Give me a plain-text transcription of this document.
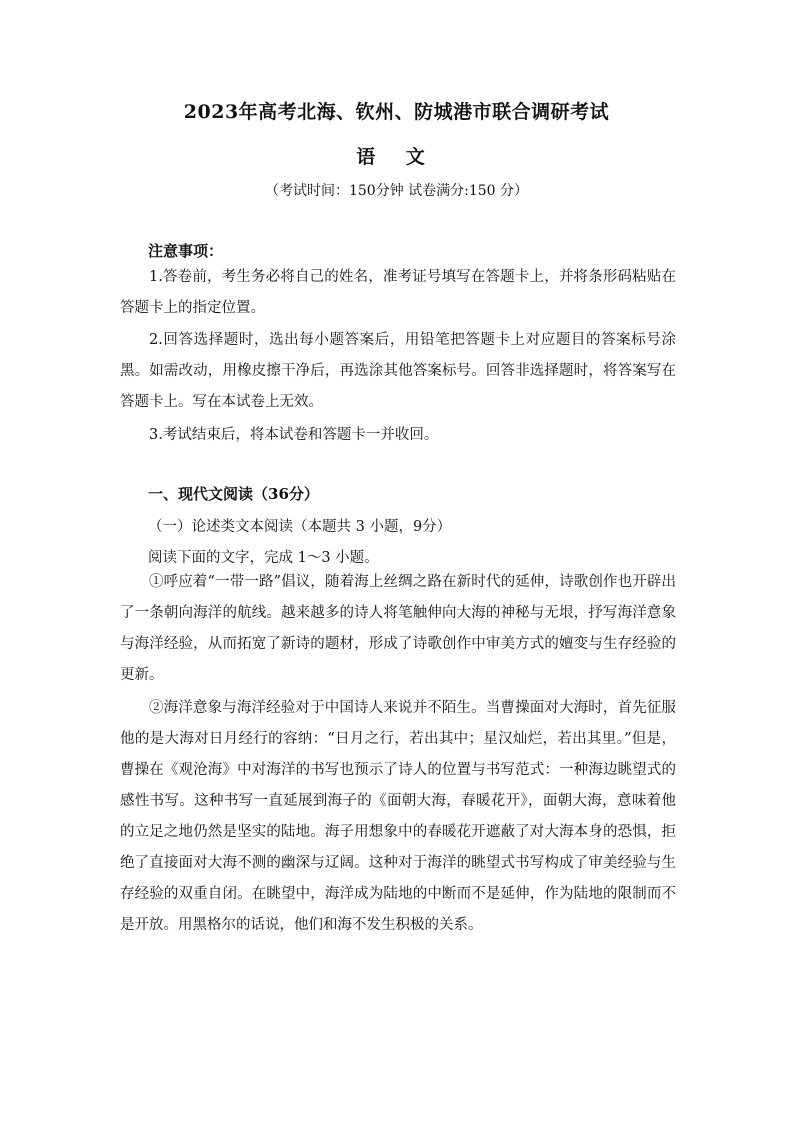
2023年高考北海、钦州、防城港市联合调研考试
语 文
（考试时间：150分钟 试卷满分:150 分）
注意事项：
1.答卷前，考生务必将自己的姓名，准考证号填写在答题卡上，并将条形码粘贴在答题卡上的指定位置。
2.回答选择题时，选出每小题答案后，用铅笔把答题卡上对应题目的答案标号涂黑。如需改动，用橡皮擦干净后，再选涂其他答案标号。回答非选择题时，将答案写在答题卡上。写在本试卷上无效。
3.考试结束后，将本试卷和答题卡一并收回。
一、现代文阅读（36分）
（一）论述类文本阅读（本题共 3 小题，9分）
阅读下面的文字，完成 1～3 小题。
①呼应着“一带一路”倡议，随着海上丝绸之路在新时代的延伸，诗歌创作也开辟出了一条朝向海洋的航线。越来越多的诗人将笔触伸向大海的神秘与无垠，抒写海洋意象与海洋经验，从而拓宽了新诗的题材，形成了诗歌创作中审美方式的嬗变与生存经验的更新。
②海洋意象与海洋经验对于中国诗人来说并不陌生。当曹操面对大海时，首先征服他的是大海对日月经行的容纳：“日月之行，若出其中；星汉灿烂，若出其里。”但是，曹操在《观沧海》中对海洋的书写也预示了诗人的位置与书写范式：一种海边眺望式的感性书写。这种书写一直延展到海子的《面朝大海，春暖花开》，面朝大海，意味着他的立足之地仍然是坚实的陆地。海子用想象中的春暖花开遮蔽了对大海本身的恐惧，拒绝了直接面对大海不测的幽深与辽阔。这种对于海洋的眺望式书写构成了审美经验与生存经验的双重自闭。在眺望中，海洋成为陆地的中断而不是延伸，作为陆地的限制而不是开放。用黑格尔的话说，他们和海不发生积极的关系。
